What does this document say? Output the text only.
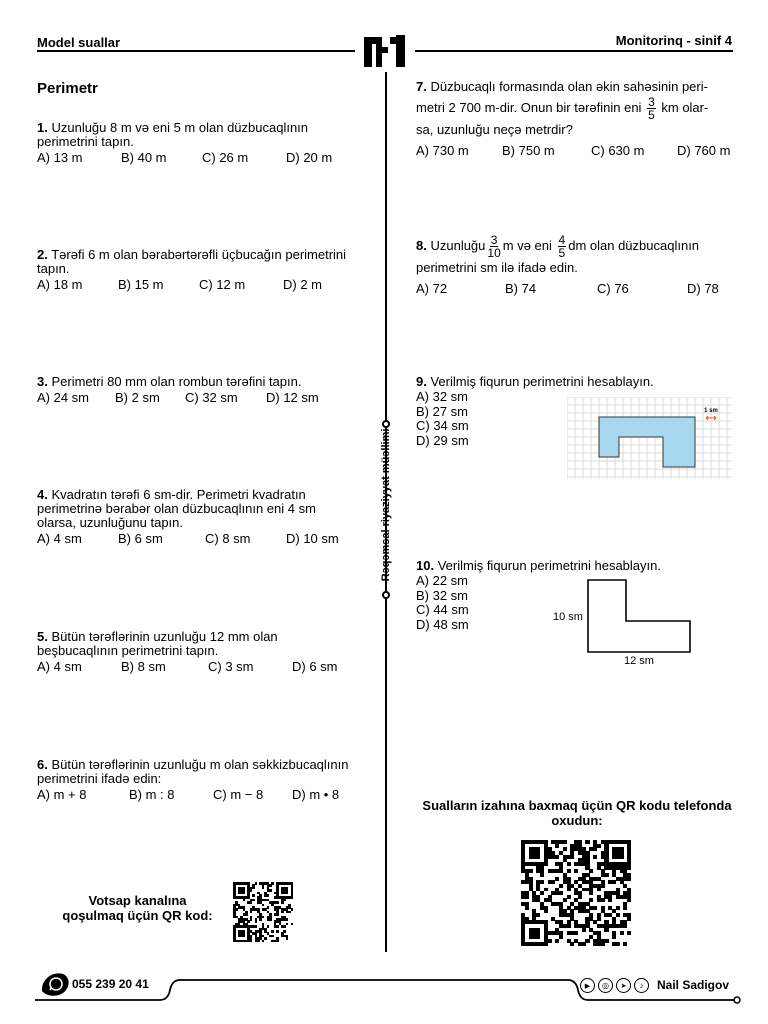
Model suallar	Monitorinq - sinif 4
Rəqəmsal riyaziyyat müəllimi
Perimetr
1. Uzunluğu 8 m və eni 5 m olan düzbucaqlının perimetrini tapın.
A) 13 m	B) 40 m	C) 26 m	D) 20 m
2. Tərəfi 6 m olan bərabərtərəfli üçbucağın perimetrini tapın.
A) 18 m	B) 15 m	C) 12 m	D) 2 m
3. Perimetri 80 mm olan rombun tərəfini tapın.
A) 24 sm	B) 2 sm	C) 32 sm	D) 12 sm
4. Kvadratın tərəfi 6 sm-dir. Perimetri kvadratın perimetrinə bərabər olan düzbucaqlının eni 4 sm olarsa, uzunluğunu tapın.
A) 4 sm	B) 6 sm	C) 8 sm	D) 10 sm
5. Bütün tərəflərinin uzunluğu 12 mm olan beşbucaqlının perimetrini tapın.
A) 4 sm	B) 8 sm	C) 3 sm	D) 6 sm
6. Bütün tərəflərinin uzunluğu m olan səkkizbucaqlının perimetrini ifadə edin:
A) m + 8	B) m : 8	C) m − 8	D) m • 8
Votsap kanalına
qoşulmaq üçün QR kod:
7. Düzbucaqlı formasında olan əkin sahəsinin peri-
metri 2 700 m-dir. Onun bir tərəfinin eni $\frac{3}{5}$ km olar-
sa, uzunluğu neçə metrdir?
A) 730 m	B) 750 m	C) 630 m	D) 760 m
8. Uzunluğu $\frac{3}{10}$ m və eni $\frac{4}{5}$ dm olan düzbucaqlının
perimetrini sm ilə ifadə edin.
A) 72	B) 74	C) 76	D) 78
9. Verilmiş fiqurun perimetrini hesablayın.
A) 32 sm
B) 27 sm
C) 34 sm
D) 29 sm
1 sm
10. Verilmiş fiqurun perimetrini hesablayın.
A) 22 sm
B) 32 sm
C) 44 sm
D) 48 sm	10 sm
12 sm
Sualların izahına baxmaq üçün QR kodu telefonda oxudun:
055 239 20 41	▶	◎	➤	♪	Nail Sadigov
